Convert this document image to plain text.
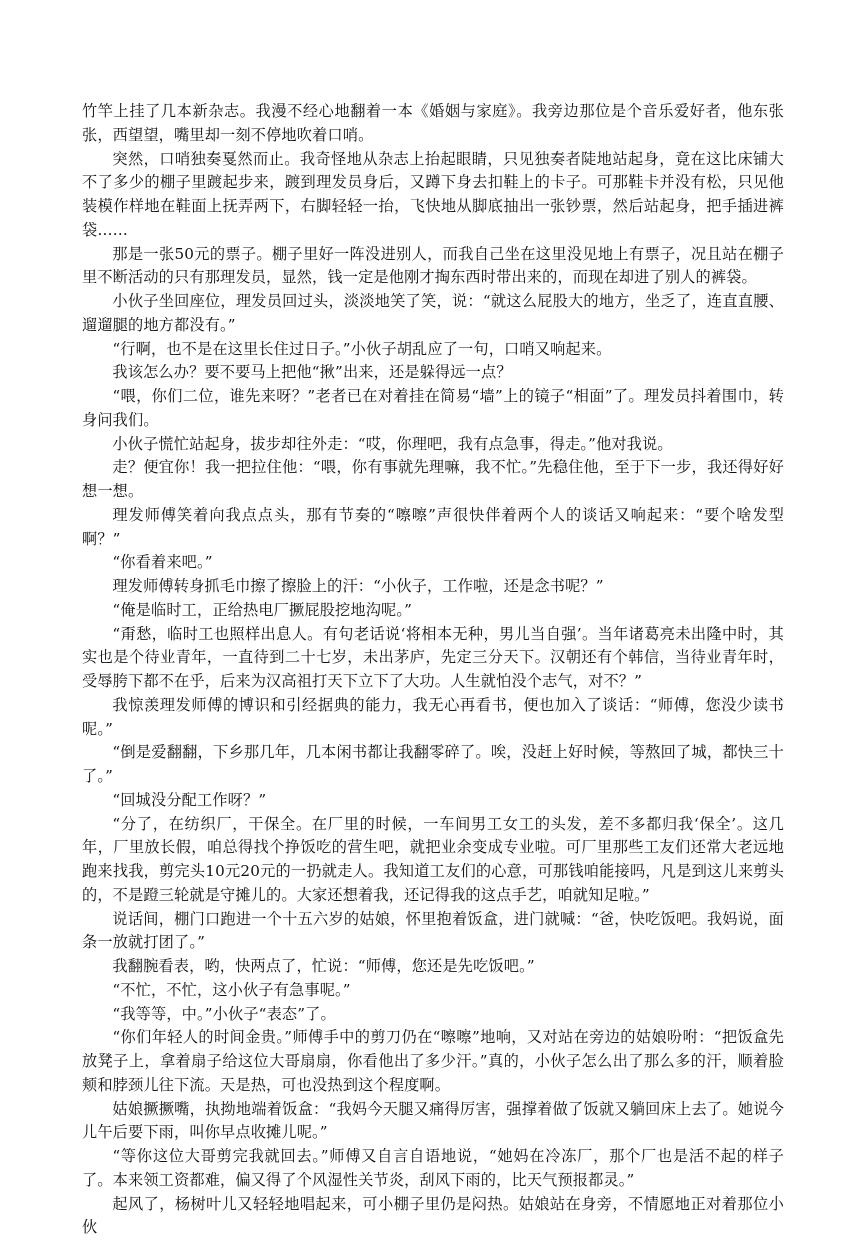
竹竿上挂了几本新杂志。我漫不经心地翻着一本《婚姻与家庭》。我旁边那位是个音乐爱好者，他东张张，西望望，嘴里却一刻不停地吹着口哨。

突然，口哨独奏戛然而止。我奇怪地从杂志上抬起眼睛，只见独奏者陡地站起身，竟在这比床铺大不了多少的棚子里踱起步来，踱到理发员身后，又蹲下身去扣鞋上的卡子。可那鞋卡并没有松，只见他装模作样地在鞋面上抚弄两下，右脚轻轻一抬，飞快地从脚底抽出一张钞票，然后站起身，把手插进裤袋……

那是一张50元的票子。棚子里好一阵没进别人，而我自己坐在这里没见地上有票子，况且站在棚子里不断活动的只有那理发员，显然，钱一定是他刚才掏东西时带出来的，而现在却进了别人的裤袋。

小伙子坐回座位，理发员回过头，淡淡地笑了笑，说：“就这么屁股大的地方，坐乏了，连直直腰、遛遛腿的地方都没有。”

“行啊，也不是在这里长住过日子。”小伙子胡乱应了一句，口哨又响起来。

我该怎么办？要不要马上把他“揪”出来，还是躲得远一点？

“喂，你们二位，谁先来呀？”老者已在对着挂在简易“墙”上的镜子“相面”了。理发员抖着围巾，转身问我们。

小伙子慌忙站起身，拔步却往外走：“哎，你理吧，我有点急事，得走。”他对我说。

走？便宜你！我一把拉住他：“喂，你有事就先理嘛，我不忙。”先稳住他，至于下一步，我还得好好想一想。

理发师傅笑着向我点点头，那有节奏的“嚓嚓”声很快伴着两个人的谈话又响起来：“要个啥发型啊？”

“你看着来吧。”

理发师傅转身抓毛巾擦了擦脸上的汗：“小伙子，工作啦，还是念书呢？”

“俺是临时工，正给热电厂撅屁股挖地沟呢。”

“甭愁，临时工也照样出息人。有句老话说‘将相本无种，男儿当自强’。当年诸葛亮未出隆中时，其实也是个待业青年，一直待到二十七岁，未出茅庐，先定三分天下。汉朝还有个韩信，当待业青年时，受辱胯下都不在乎，后来为汉高祖打天下立下了大功。人生就怕没个志气，对不？”

我惊羡理发师傅的博识和引经据典的能力，我无心再看书，便也加入了谈话：“师傅，您没少读书呢。”

“倒是爱翻翻，下乡那几年，几本闲书都让我翻零碎了。唉，没赶上好时候，等熬回了城，都快三十了。”

“回城没分配工作呀？”

“分了，在纺织厂，干保全。在厂里的时候，一车间男工女工的头发，差不多都归我‘保全’。这几年，厂里放长假，咱总得找个挣饭吃的营生吧，就把业余变成专业啦。可厂里那些工友们还常大老远地跑来找我，剪完头10元20元的一扔就走人。我知道工友们的心意，可那钱咱能接吗，凡是到这儿来剪头的，不是蹬三轮就是守摊儿的。大家还想着我，还记得我的这点手艺，咱就知足啦。”

说话间，棚门口跑进一个十五六岁的姑娘，怀里抱着饭盒，进门就喊：“爸，快吃饭吧。我妈说，面条一放就打团了。”

我翻腕看表，哟，快两点了，忙说：“师傅，您还是先吃饭吧。”

“不忙，不忙，这小伙子有急事呢。”

“我等等，中。”小伙子“表态”了。

“你们年轻人的时间金贵。”师傅手中的剪刀仍在“嚓嚓”地响，又对站在旁边的姑娘吩咐：“把饭盒先放凳子上，拿着扇子给这位大哥扇扇，你看他出了多少汗。”真的，小伙子怎么出了那么多的汗，顺着脸颊和脖颈儿往下流。天是热，可也没热到这个程度啊。

姑娘撅撅嘴，执拗地端着饭盒：“我妈今天腿又痛得厉害，强撑着做了饭就又躺回床上去了。她说今儿午后要下雨，叫你早点收摊儿呢。”

“等你这位大哥剪完我就回去。”师傅又自言自语地说，“她妈在冷冻厂，那个厂也是活不起的样子了。本来领工资都难，偏又得了个风湿性关节炎，刮风下雨的，比天气预报都灵。”

起风了，杨树叶儿又轻轻地唱起来，可小棚子里仍是闷热。姑娘站在身旁，不情愿地正对着那位小伙
